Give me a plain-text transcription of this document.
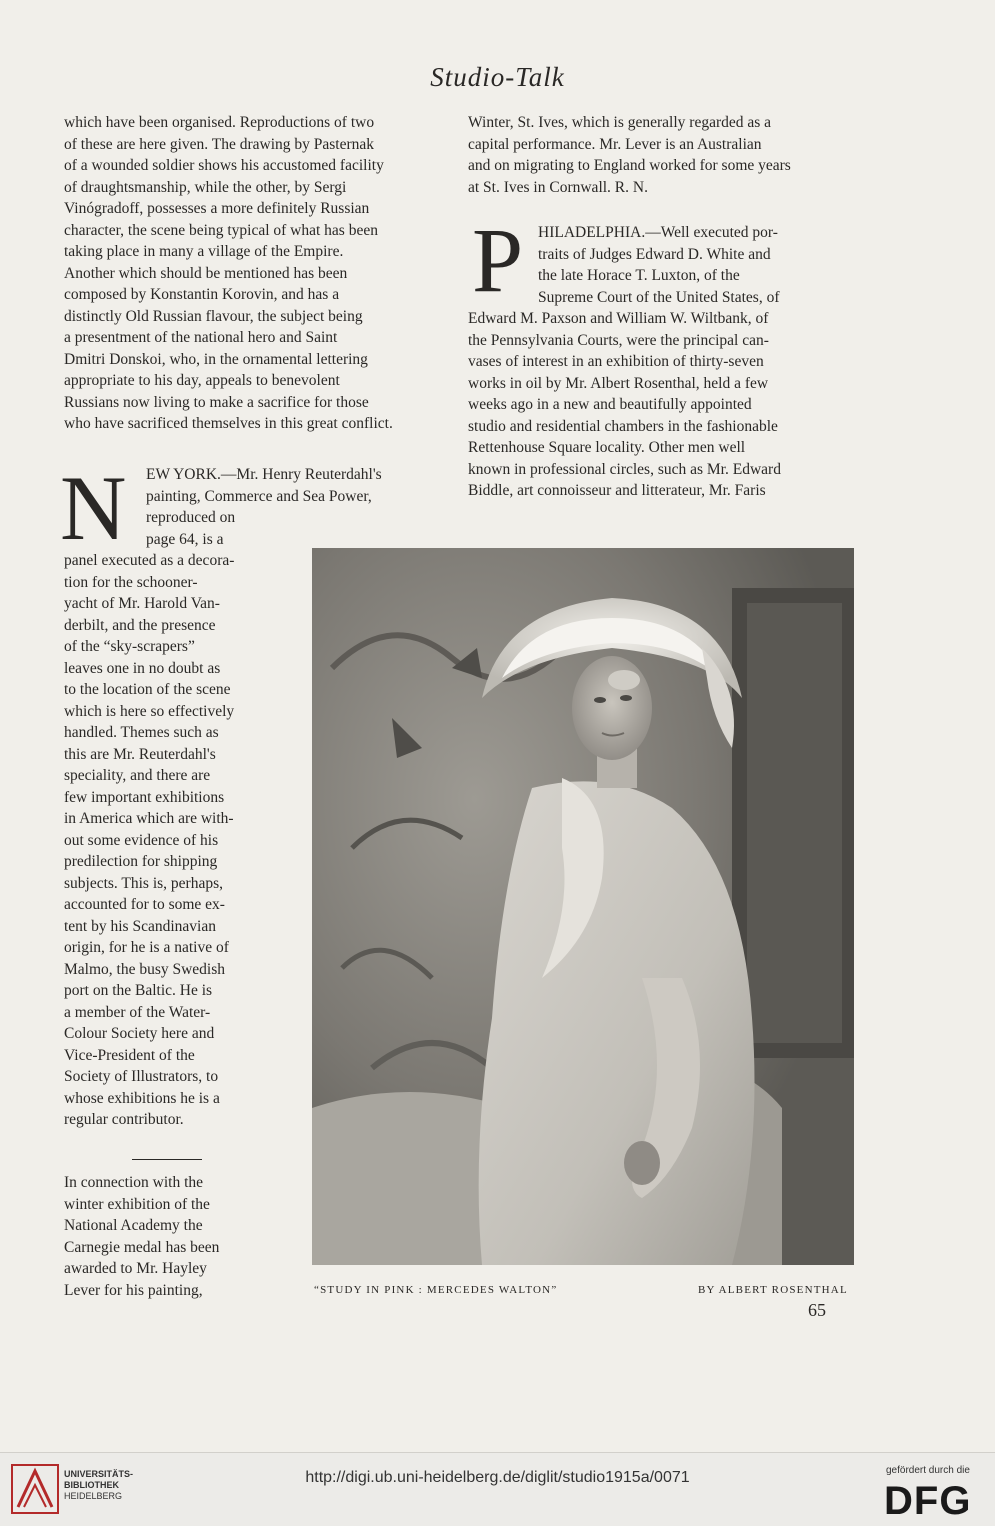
Studio-Talk
which have been organised. Reproductions of two
of these are here given. The drawing by Pasternak
of a wounded soldier shows his accustomed facility
of draughtsmanship, while the other, by Sergi
Vinógradoff, possesses a more definitely Russian
character, the scene being typical of what has been
taking place in many a village of the Empire.
Another which should be mentioned has been
composed by Konstantin Korovin, and has a
distinctly Old Russian flavour, the subject being
a presentment of the national hero and Saint
Dmitri Donskoi, who, in the ornamental lettering
appropriate to his day, appeals to benevolent
Russians now living to make a sacrifice for those
who have sacrificed themselves in this great conflict.
N EW YORK.—Mr. Henry Reuterdahl's
painting, Commerce and Sea Power,
reproduced on
page 64, is a
panel executed as a decora-
tion for the schooner-
yacht of Mr. Harold Van-
derbilt, and the presence
of the “sky-scrapers”
leaves one in no doubt as
to the location of the scene
which is here so effectively
handled. Themes such as
this are Mr. Reuterdahl's
speciality, and there are
few important exhibitions
in America which are with-
out some evidence of his
predilection for shipping
subjects. This is, perhaps,
accounted for to some ex-
tent by his Scandinavian
origin, for he is a native of
Malmo, the busy Swedish
port on the Baltic. He is
a member of the Water-
Colour Society here and
Vice-President of the
Society of Illustrators, to
whose exhibitions he is a
regular contributor.
In connection with the
winter exhibition of the
National Academy the
Carnegie medal has been
awarded to Mr. Hayley
Lever for his painting,
Winter, St. Ives, which is generally regarded as a
capital performance. Mr. Lever is an Australian
and on migrating to England worked for some years
at St. Ives in Cornwall. R. N.
P HILADELPHIA.—Well executed por-
traits of Judges Edward D. White and
the late Horace T. Luxton, of the
Supreme Court of the United States, of
Edward M. Paxson and William W. Wiltbank, of
the Pennsylvania Courts, were the principal can-
vases of interest in an exhibition of thirty-seven
works in oil by Mr. Albert Rosenthal, held a few
weeks ago in a new and beautifully appointed
studio and residential chambers in the fashionable
Rettenhouse Square locality. Other men well
known in professional circles, such as Mr. Edward
Biddle, art connoisseur and litterateur, Mr. Faris
“STUDY IN PINK : MERCEDES WALTON”	BY ALBERT ROSENTHAL
65
UNIVERSITÄTS-
BIBLIOTHEK
HEIDELBERG
http://digi.ub.uni-heidelberg.de/diglit/studio1915a/0071	gefördert durch die
DFG
